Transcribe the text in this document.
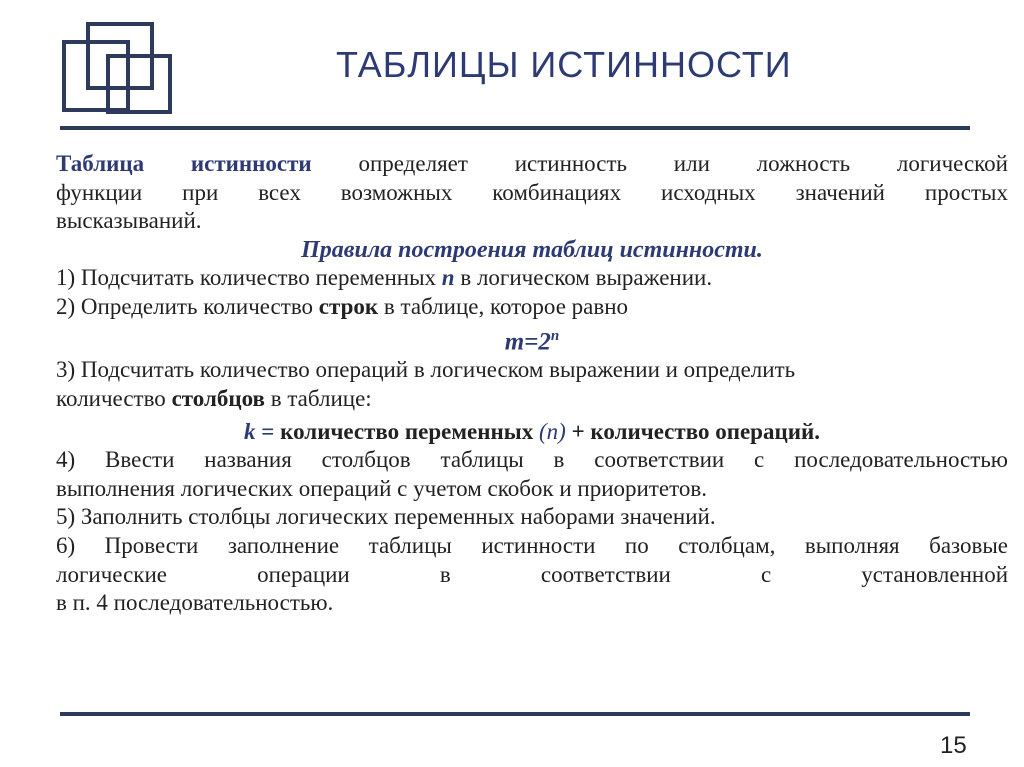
ТАБЛИЦЫ ИСТИННОСТИ

Таблица истинности определяет истинность или ложность логической

функции при всех возможных комбинациях исходных значений простых

высказываний.

Правила построения таблиц истинности.

1) Подсчитать количество переменных n в логическом выражении.

2) Определить количество строк в таблице, которое равно

$m=2^n$

3) Подсчитать количество операций в логическом выражении и определить

количество столбцов в таблице:

k = количество переменных (n) + количество операций.

4) Ввести названия столбцов таблицы в соответствии с последовательностью

выполнения логических операций с учетом скобок и приоритетов.

5) Заполнить столбцы логических переменных наборами значений.

6) Провести заполнение таблицы истинности по столбцам, выполняя базовые

логические операции в соответствии с установленной

в п. 4 последовательностью.

15
